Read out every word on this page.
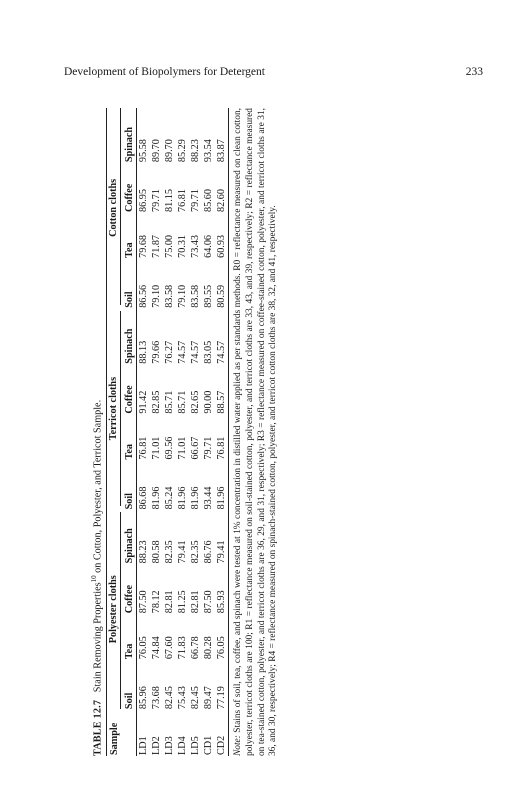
Development of Biopolymers for Detergent	233
TABLE 12.7   Stain Removing Properties$^{10}$ on Cotton, Polyester, and Terricot Sample.
Sample	Polyester cloths				Terricot cloths				Cotton cloths			

	Soil	Tea	Coffee	Spinach	Soil	Tea	Coffee	Spinach	Soil	Tea	Coffee	Spinach
LD1	85.96	76.05	87.50	88.23	86.68	76.81	91.42	88.13	86.56	79.68	86.95	95.58
LD2	73.68	74.84	78.12	80.58	81.96	71.01	82.85	79.66	79.10	71.87	79.71	89.70
LD3	82.45	67.60	82.81	82.35	85.24	69.56	85.71	76.27	83.58	75.00	81.15	89.70
LD4	75.43	71.83	81.25	79.41	81.96	71.01	85.71	74.57	79.10	70.31	76.81	85.29
LD5	82.45	66.78	82.81	82.35	81.96	66.67	82.65	74.57	83.58	73.43	79.71	88.23
CD1	89.47	80.28	87.50	86.76	93.44	79.71	90.00	83.05	89.55	64.06	85.60	93.54
CD2	77.19	76.05	85.93	79.41	81.96	76.81	88.57	74.57	80.59	60.93	82.60	83.87
Note: Stains of soil, tea, coffee, and spinach were tested at 1% concentration in distilled water applied as per standards methods. R0 = reflectance measured on clean cotton, polyester, terricot cloths are 100; R1 = reflectance measured on soil-stained cotton, polyester, and terricot cloths are 33, 43, and 39, respectively; R2 = reflectance measured on tea-stained cotton, polyester, and terricot cloths are 36, 29, and 31, respectively; R3 = reflectance measured on coffee-stained cotton, polyester, and terricot cloths are 31, 36, and 30, respectively; R4 = reflectance measured on spinach-stained cotton, polyester, and terricot cotton cloths are 38, 32, and 41, respectively.
